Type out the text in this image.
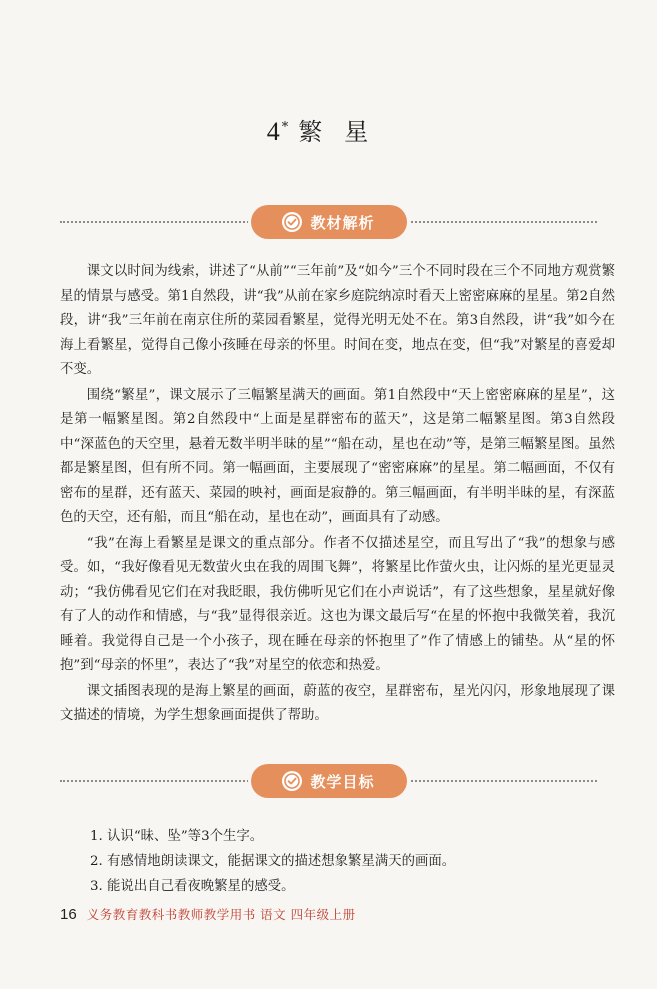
4* 繁星
教材解析

课文以时间为线索，讲述了“从前”“三年前”及“如今”三个不同时段在三个不同地方观赏繁星的情景与感受。第1自然段，讲“我”从前在家乡庭院纳凉时看天上密密麻麻的星星。第2自然段，讲“我”三年前在南京住所的菜园看繁星，觉得光明无处不在。第3自然段，讲“我”如今在海上看繁星，觉得自己像小孩睡在母亲的怀里。时间在变，地点在变，但“我”对繁星的喜爱却不变。

围绕“繁星”，课文展示了三幅繁星满天的画面。第1自然段中“天上密密麻麻的星星”，这是第一幅繁星图。第2自然段中“上面是星群密布的蓝天”，这是第二幅繁星图。第3自然段中“深蓝色的天空里，悬着无数半明半昧的星”“船在动，星也在动”等，是第三幅繁星图。虽然都是繁星图，但有所不同。第一幅画面，主要展现了“密密麻麻”的星星。第二幅画面，不仅有密布的星群，还有蓝天、菜园的映衬，画面是寂静的。第三幅画面，有半明半昧的星，有深蓝色的天空，还有船，而且“船在动，星也在动”，画面具有了动感。

“我”在海上看繁星是课文的重点部分。作者不仅描述星空，而且写出了“我”的想象与感受。如，“我好像看见无数萤火虫在我的周围飞舞”，将繁星比作萤火虫，让闪烁的星光更显灵动；“我仿佛看见它们在对我眨眼，我仿佛听见它们在小声说话”，有了这些想象，星星就好像有了人的动作和情感，与“我”显得很亲近。这也为课文最后写“在星的怀抱中我微笑着，我沉睡着。我觉得自己是一个小孩子，现在睡在母亲的怀抱里了”作了情感上的铺垫。从“星的怀抱”到“母亲的怀里”，表达了“我”对星空的依恋和热爱。

课文插图表现的是海上繁星的画面，蔚蓝的夜空，星群密布，星光闪闪，形象地展现了课文描述的情境，为学生想象画面提供了帮助。

教学目标
1. 认识“昧、坠”等3个生字。
2. 有感情地朗读课文，能据课文的描述想象繁星满天的画面。
3. 能说出自己看夜晚繁星的感受。
16 义务教育教科书教师教学用书 语文 四年级上册
